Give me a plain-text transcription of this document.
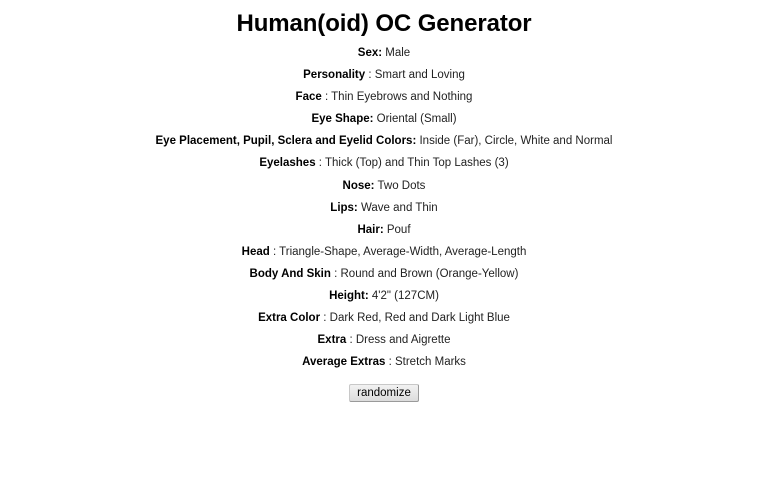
Human(oid) OC Generator

Sex: Male

Personality : Smart and Loving

Face : Thin Eyebrows and Nothing

Eye Shape: Oriental (Small)

Eye Placement, Pupil, Sclera and Eyelid Colors: Inside (Far), Circle, White and Normal

Eyelashes : Thick (Top) and Thin Top Lashes (3)

Nose: Two Dots

Lips: Wave and Thin

Hair: Pouf

Head : Triangle-Shape, Average-Width, Average-Length

Body And Skin : Round and Brown (Orange-Yellow)

Height: 4'2" (127CM)

Extra Color : Dark Red, Red and Dark Light Blue

Extra : Dress and Aigrette

Average Extras : Stretch Marks

randomize
